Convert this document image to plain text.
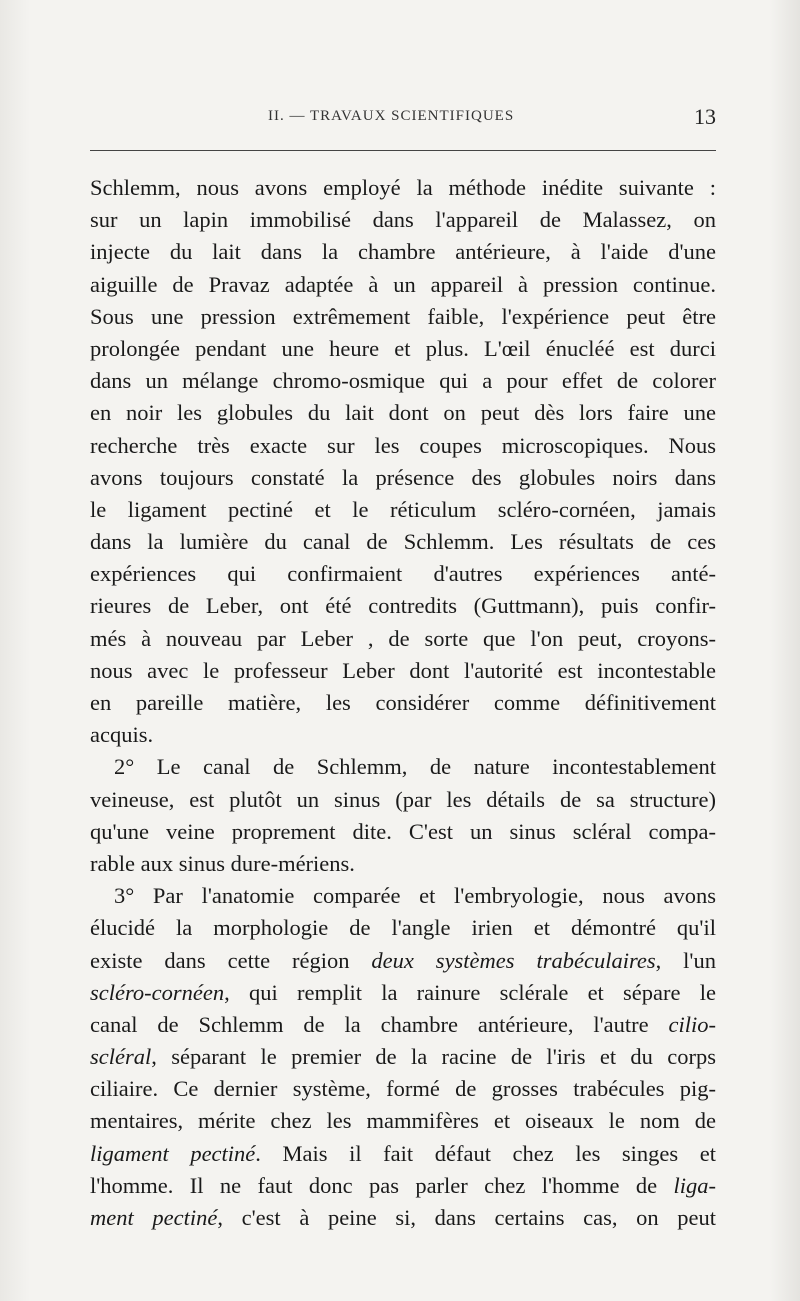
II. — TRAVAUX SCIENTIFIQUES	13
Schlemm, nous avons employé la méthode inédite suivante :
sur un lapin immobilisé dans l'appareil de Malassez, on
injecte du lait dans la chambre antérieure, à l'aide d'une
aiguille de Pravaz adaptée à un appareil à pression continue.
Sous une pression extrêmement faible, l'expérience peut être
prolongée pendant une heure et plus. L'œil énucléé est durci
dans un mélange chromo-osmique qui a pour effet de colorer
en noir les globules du lait dont on peut dès lors faire une
recherche très exacte sur les coupes microscopiques. Nous
avons toujours constaté la présence des globules noirs dans
le ligament pectiné et le réticulum scléro-cornéen, jamais
dans la lumière du canal de Schlemm. Les résultats de ces
expériences qui confirmaient d'autres expériences anté-
rieures de Leber, ont été contredits (Guttmann), puis confir-
més à nouveau par Leber , de sorte que l'on peut, croyons-
nous avec le professeur Leber dont l'autorité est incontestable
en pareille matière, les considérer comme définitivement
acquis.
2° Le canal de Schlemm, de nature incontestablement
veineuse, est plutôt un sinus (par les détails de sa structure)
qu'une veine proprement dite. C'est un sinus scléral compa-
rable aux sinus dure-mériens.
3° Par l'anatomie comparée et l'embryologie, nous avons
élucidé la morphologie de l'angle irien et démontré qu'il
existe dans cette région deux systèmes trabéculaires, l'un
scléro-cornéen, qui remplit la rainure sclérale et sépare le
canal de Schlemm de la chambre antérieure, l'autre cilio-
scléral, séparant le premier de la racine de l'iris et du corps
ciliaire. Ce dernier système, formé de grosses trabécules pig-
mentaires, mérite chez les mammifères et oiseaux le nom de
ligament pectiné. Mais il fait défaut chez les singes et
l'homme. Il ne faut donc pas parler chez l'homme de liga-
ment pectiné, c'est à peine si, dans certains cas, on peut
